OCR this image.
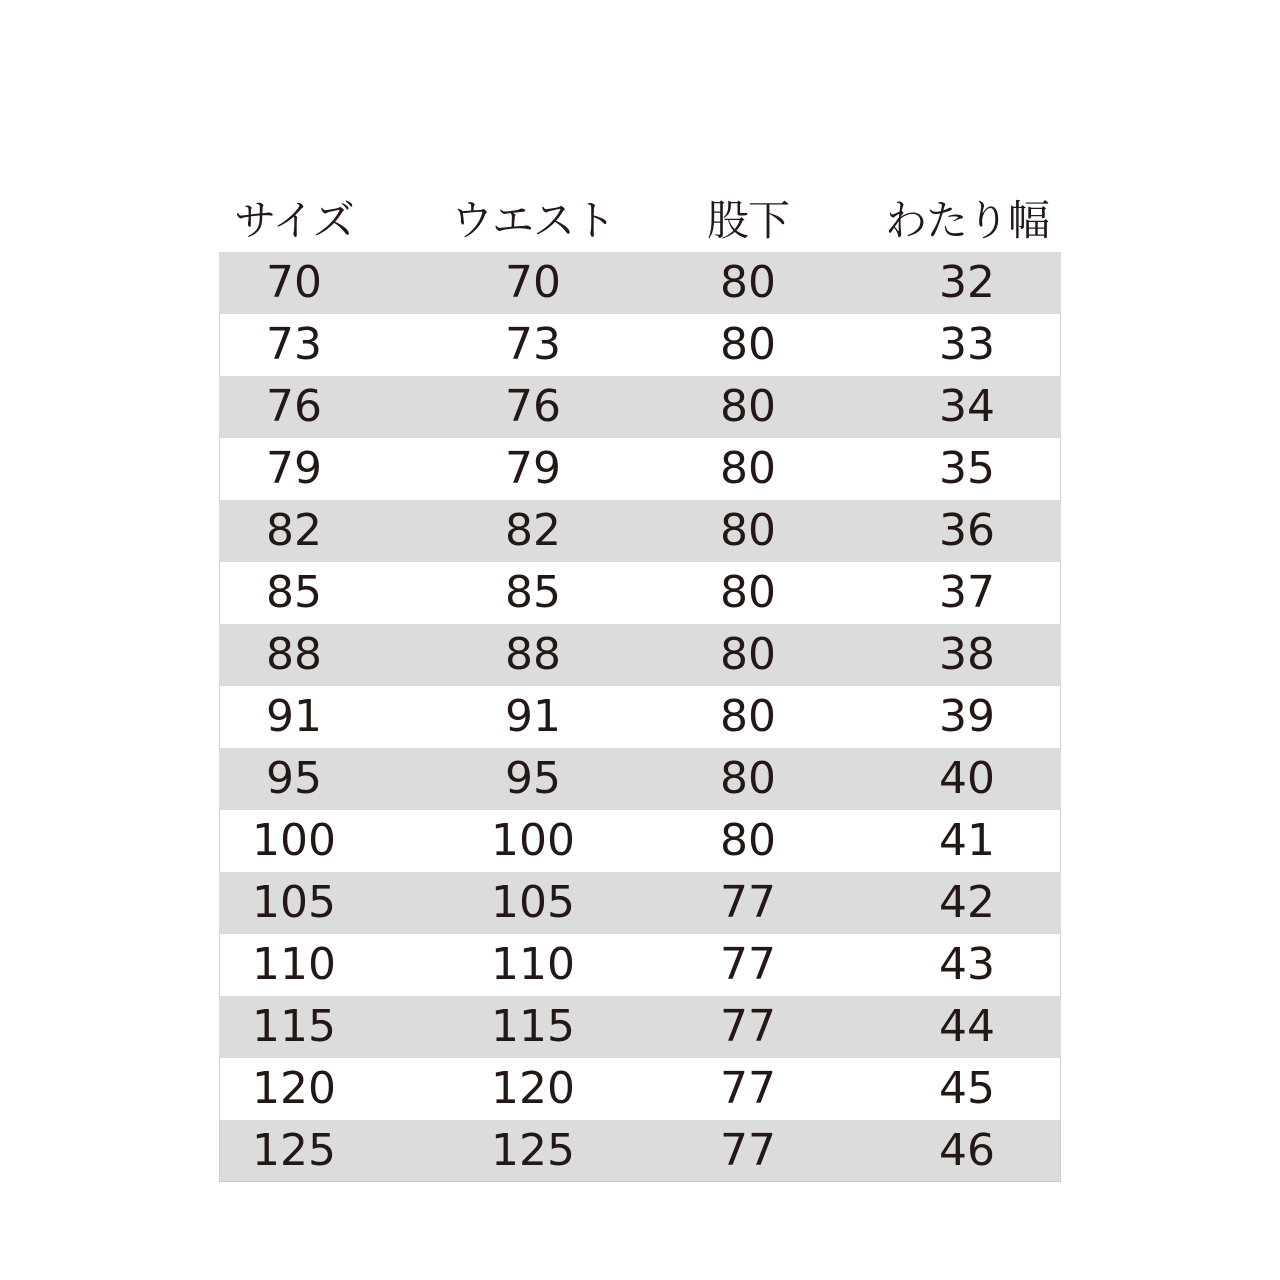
サイズ	ウエスト	股下	わたり幅
70	70	80	32
73	73	80	33
76	76	80	34
79	79	80	35
82	82	80	36
85	85	80	37
88	88	80	38
91	91	80	39
95	95	80	40
100	100	80	41
105	105	77	42
110	110	77	43
115	115	77	44
120	120	77	45
125	125	77	46
